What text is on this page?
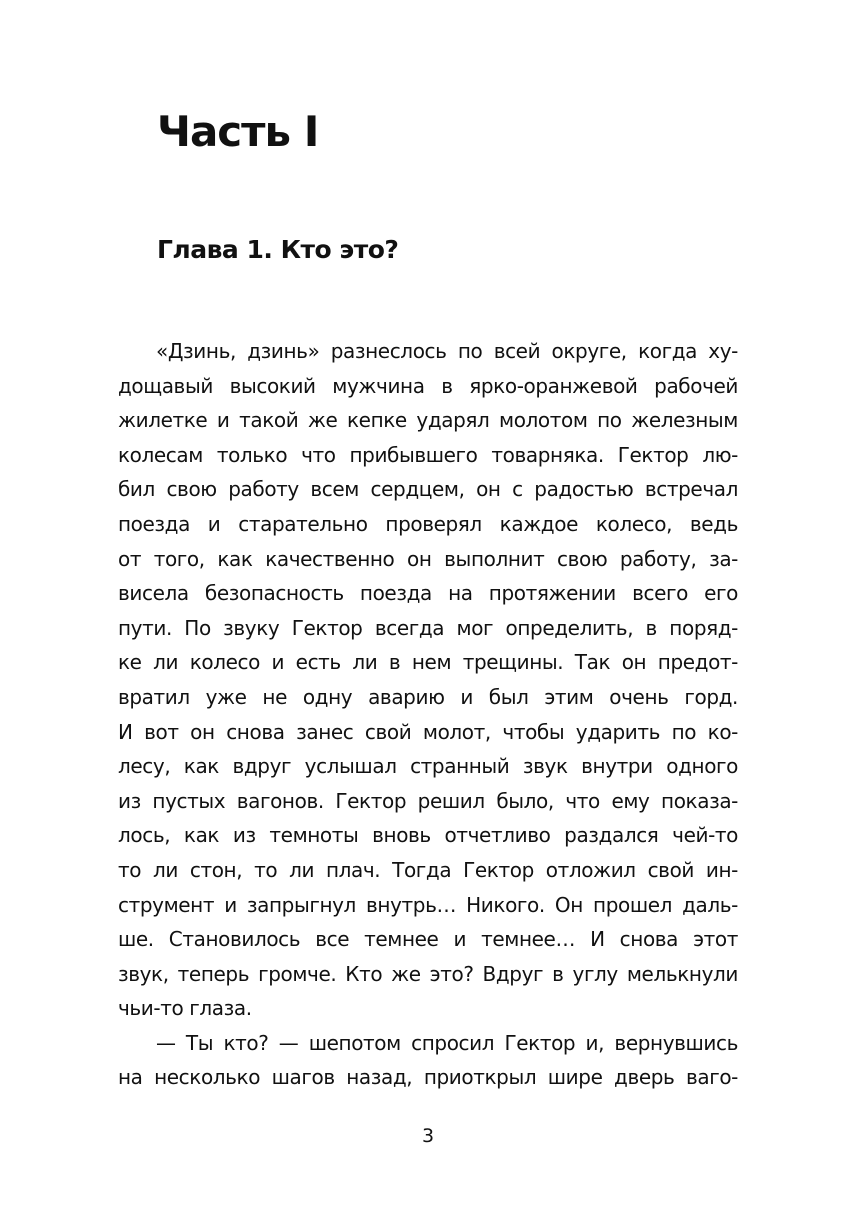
Часть I
Глава 1. Кто это?
«Дзинь, дзинь» разнеслось по всей округе, когда ху-
дощавый высокий мужчина в ярко-оранжевой рабочей
жилетке и такой же кепке ударял молотом по железным
колесам только что прибывшего товарняка. Гектор лю-
бил свою работу всем сердцем, он с радостью встречал
поезда и старательно проверял каждое колесо, ведь
от того, как качественно он выполнит свою работу, за-
висела безопасность поезда на протяжении всего его
пути. По звуку Гектор всегда мог определить, в поряд-
ке ли колесо и есть ли в нем трещины. Так он предот-
вратил уже не одну аварию и был этим очень горд.
И вот он снова занес свой молот, чтобы ударить по ко-
лесу, как вдруг услышал странный звук внутри одного
из пустых вагонов. Гектор решил было, что ему показа-
лось, как из темноты вновь отчетливо раздался чей-то
то ли стон, то ли плач. Тогда Гектор отложил свой ин-
струмент и запрыгнул внутрь… Никого. Он прошел даль-
ше. Становилось все темнее и темнее… И снова этот
звук, теперь громче. Кто же это? Вдруг в углу мелькнули
чьи-то глаза.
— Ты кто? — шепотом спросил Гектор и, вернувшись
на несколько шагов назад, приоткрыл шире дверь ваго-
3
